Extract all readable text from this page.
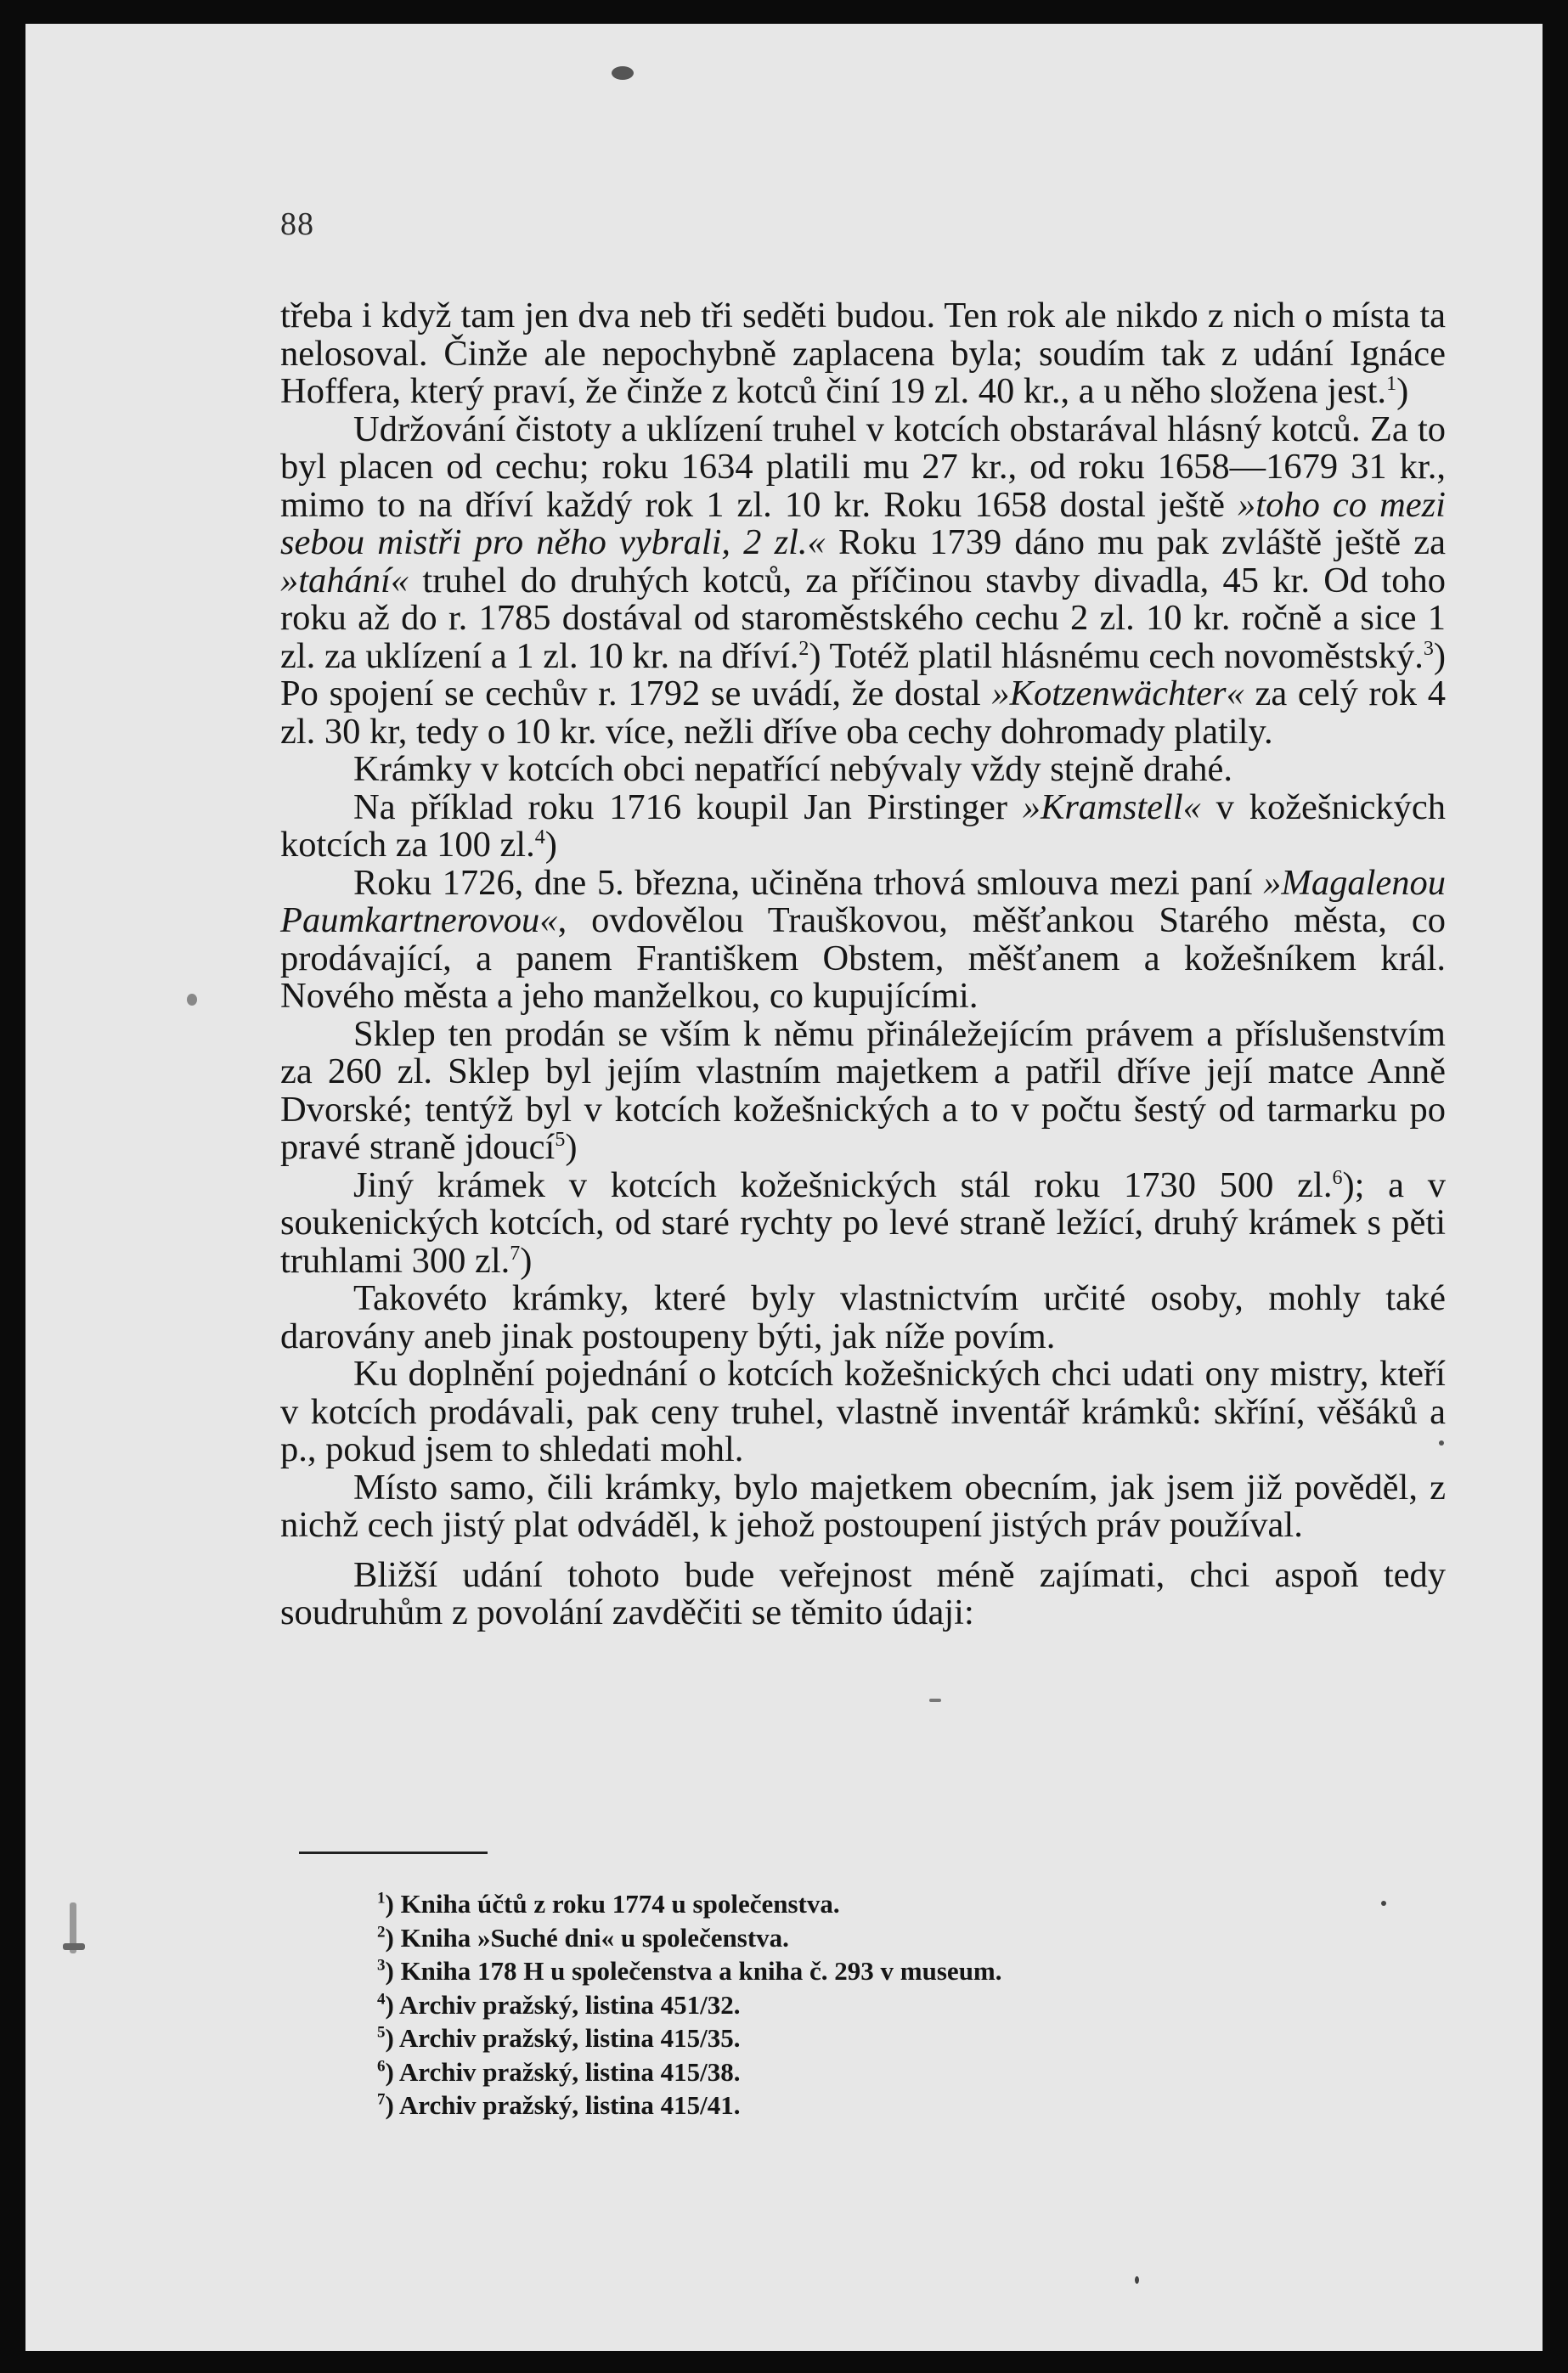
88

třeba i když tam jen dva neb tři seděti budou. Ten rok ale nikdo z nich o místa ta nelosoval. Činže ale nepochybně zaplacena byla; soudím tak z udání Ignáce Hoffera, který praví, že činže z kotců činí 19 zl. 40 kr., a u něho složena jest.$^1$)

Udržování čistoty a uklízení truhel v kotcích obstarával hlásný kotců. Za to byl placen od cechu; roku 1634 platili mu 27 kr., od roku 1658—1679 31 kr., mimo to na dříví každý rok 1 zl. 10 kr. Roku 1658 dostal ještě »toho co mezi sebou mistři pro něho vybrali, 2 zl.« Roku 1739 dáno mu pak zvláště ještě za »tahání« truhel do druhých kotců, za příčinou stavby divadla, 45 kr. Od toho roku až do r. 1785 dostával od staroměstského cechu 2 zl. 10 kr. ročně a sice 1 zl. za uklízení a 1 zl. 10 kr. na dříví.$^2$) Totéž platil hlásnému cech novoměstský.$^3$) Po spojení se cechův r. 1792 se uvádí, že dostal »Kotzenwächter« za celý rok 4 zl. 30 kr, tedy o 10 kr. více, nežli dříve oba cechy dohromady platily.

Krámky v kotcích obci nepatřící nebývaly vždy stejně drahé.

Na příklad roku 1716 koupil Jan Pirstinger »Kramstell« v kožešnických kotcích za 100 zl.$^4$)

Roku 1726, dne 5. března, učiněna trhová smlouva mezi paní »Magalenou Paumkartnerovou«, ovdovělou Trauškovou, měšťankou Starého města, co prodávající, a panem Františkem Obstem, měšťanem a kožešníkem král. Nového města a jeho manželkou, co kupujícími.

Sklep ten prodán se vším k němu přináležejícím právem a příslušenstvím za 260 zl. Sklep byl jejím vlastním majetkem a patřil dříve její matce Anně Dvorské; tentýž byl v kotcích kožešnických a to v počtu šestý od tarmarku po pravé straně jdoucí$^5$)

Jiný krámek v kotcích kožešnických stál roku 1730 500 zl.$^6$); a v soukenických kotcích, od staré rychty po levé straně ležící, druhý krámek s pěti truhlami 300 zl.$^7$)

Takovéto krámky, které byly vlastnictvím určité osoby, mohly také darovány aneb jinak postoupeny býti, jak níže povím.

Ku doplnění pojednání o kotcích kožešnických chci udati ony mistry, kteří v kotcích prodávali, pak ceny truhel, vlastně inventář krámků: skříní, věšáků a p., pokud jsem to shledati mohl.

Místo samo, čili krámky, bylo majetkem obecním, jak jsem již pověděl, z nichž cech jistý plat odváděl, k jehož postoupení jistých práv používal.

Bližší udání tohoto bude veřejnost méně zajímati, chci aspoň tedy soudruhům z povolání zavděčiti se těmito údaji:

$^1$) Kniha účtů z roku 1774 u společenstva.
$^2$) Kniha »Suché dni« u společenstva.
$^3$) Kniha 178 H u společenstva a kniha č. 293 v museum.
$^4$) Archiv pražský, listina 451/32.
$^5$) Archiv pražský, listina 415/35.
$^6$) Archiv pražský, listina 415/38.
$^7$) Archiv pražský, listina 415/41.
